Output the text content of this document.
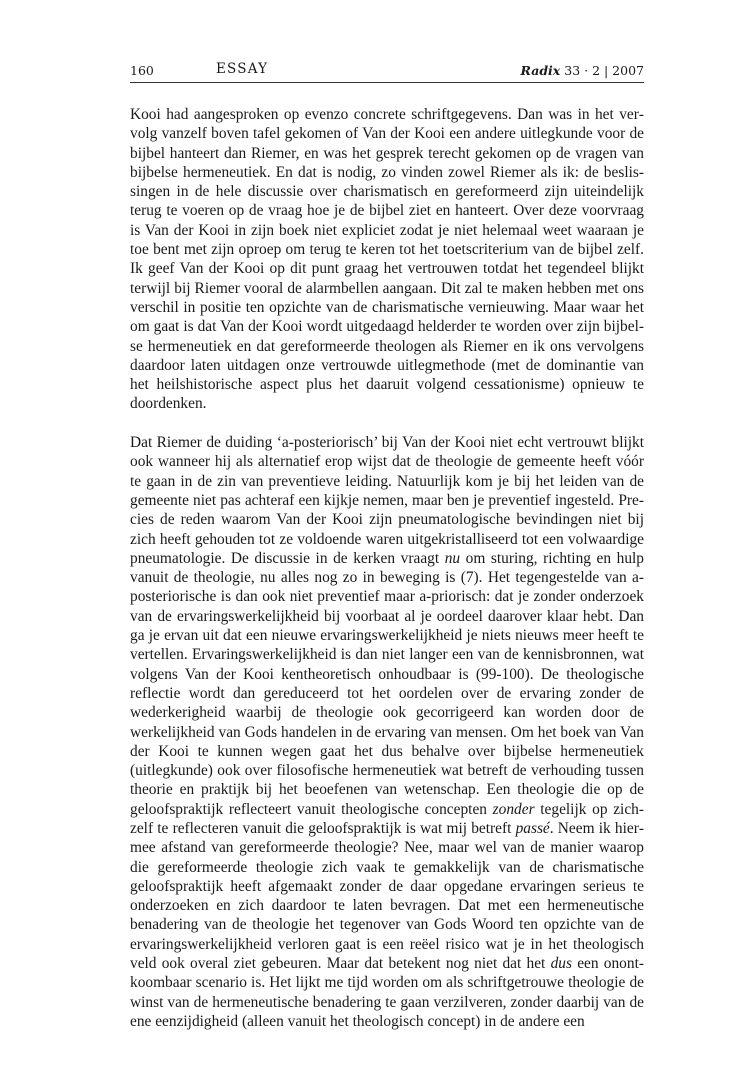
160	ESSAY	Radix 33 · 2 | 2007

Kooi had aangesproken op evenzo concrete schriftgegevens. Dan was in het vervolg vanzelf boven tafel gekomen of Van der Kooi een andere uitlegkunde voor de bijbel hanteert dan Riemer, en was het gesprek terecht gekomen op de vragen van bijbelse hermeneutiek. En dat is nodig, zo vinden zowel Riemer als ik: de beslissingen in de hele discussie over charismatisch en gereformeerd zijn uiteindelijk terug te voeren op de vraag hoe je de bijbel ziet en hanteert. Over deze voorvraag is Van der Kooi in zijn boek niet expliciet zodat je niet helemaal weet waaraan je toe bent met zijn oproep om terug te keren tot het toetscriterium van de bijbel zelf. Ik geef Van der Kooi op dit punt graag het vertrouwen totdat het tegendeel blijkt terwijl bij Riemer vooral de alarmbellen aangaan. Dit zal te maken hebben met ons verschil in positie ten opzichte van de charismatische vernieuwing. Maar waar het om gaat is dat Van der Kooi wordt uitgedaagd helderder te worden over zijn bijbelse hermeneutiek en dat gereformeerde theologen als Riemer en ik ons vervolgens daardoor laten uitdagen onze vertrouwde uitlegmethode (met de dominantie van het heilshistorische aspect plus het daaruit volgend cessationisme) opnieuw te doordenken.

Dat Riemer de duiding ‘a-posteriorisch’ bij Van der Kooi niet echt vertrouwt blijkt ook wanneer hij als alternatief erop wijst dat de theologie de gemeente heeft vóór te gaan in de zin van preventieve leiding. Natuurlijk kom je bij het leiden van de gemeente niet pas achteraf een kijkje nemen, maar ben je preventief ingesteld. Precies de reden waarom Van der Kooi zijn pneumatologische bevindingen niet bij zich heeft gehouden tot ze voldoende waren uitgekristalliseerd tot een volwaardige pneumatologie. De discussie in de kerken vraagt nu om sturing, richting en hulp vanuit de theologie, nu alles nog zo in beweging is (7). Het tegengestelde van a-posteriorische is dan ook niet preventief maar a-priorisch: dat je zonder onderzoek van de ervaringswerkelijkheid bij voorbaat al je oordeel daarover klaar hebt. Dan ga je ervan uit dat een nieuwe ervaringswerkelijkheid je niets nieuws meer heeft te vertellen. Ervaringswerkelijkheid is dan niet langer een van de kennisbronnen, wat volgens Van der Kooi kentheoretisch onhoudbaar is (99-100). De theologische reflectie wordt dan gereduceerd tot het oordelen over de ervaring zonder de wederkerigheid waarbij de theologie ook gecorrigeerd kan worden door de werkelijkheid van Gods handelen in de ervaring van mensen. Om het boek van Van der Kooi te kunnen wegen gaat het dus behalve over bijbelse hermeneutiek (uitlegkunde) ook over filosofische hermeneutiek wat betreft de verhouding tussen theorie en praktijk bij het beoefenen van wetenschap. Een theologie die op de geloofspraktijk reflecteert vanuit theologische concepten zonder tegelijk op zichzelf te reflecteren vanuit die geloofspraktijk is wat mij betreft passé. Neem ik hiermee afstand van gereformeerde theologie? Nee, maar wel van de manier waarop die gereformeerde theologie zich vaak te gemakkelijk van de charismatische geloofspraktijk heeft afgemaakt zonder de daar opgedane ervaringen serieus te onderzoeken en zich daardoor te laten bevragen. Dat met een hermeneutische benadering van de theologie het tegenover van Gods Woord ten opzichte van de ervaringswerkelijkheid verloren gaat is een reëel risico wat je in het theologisch veld ook overal ziet gebeuren. Maar dat betekent nog niet dat het dus een onontkoombaar scenario is. Het lijkt me tijd worden om als schriftgetrouwe theologie de winst van de hermeneutische benadering te gaan verzilveren, zonder daarbij van de ene eenzijdigheid (alleen vanuit het theologisch concept) in de andere een
